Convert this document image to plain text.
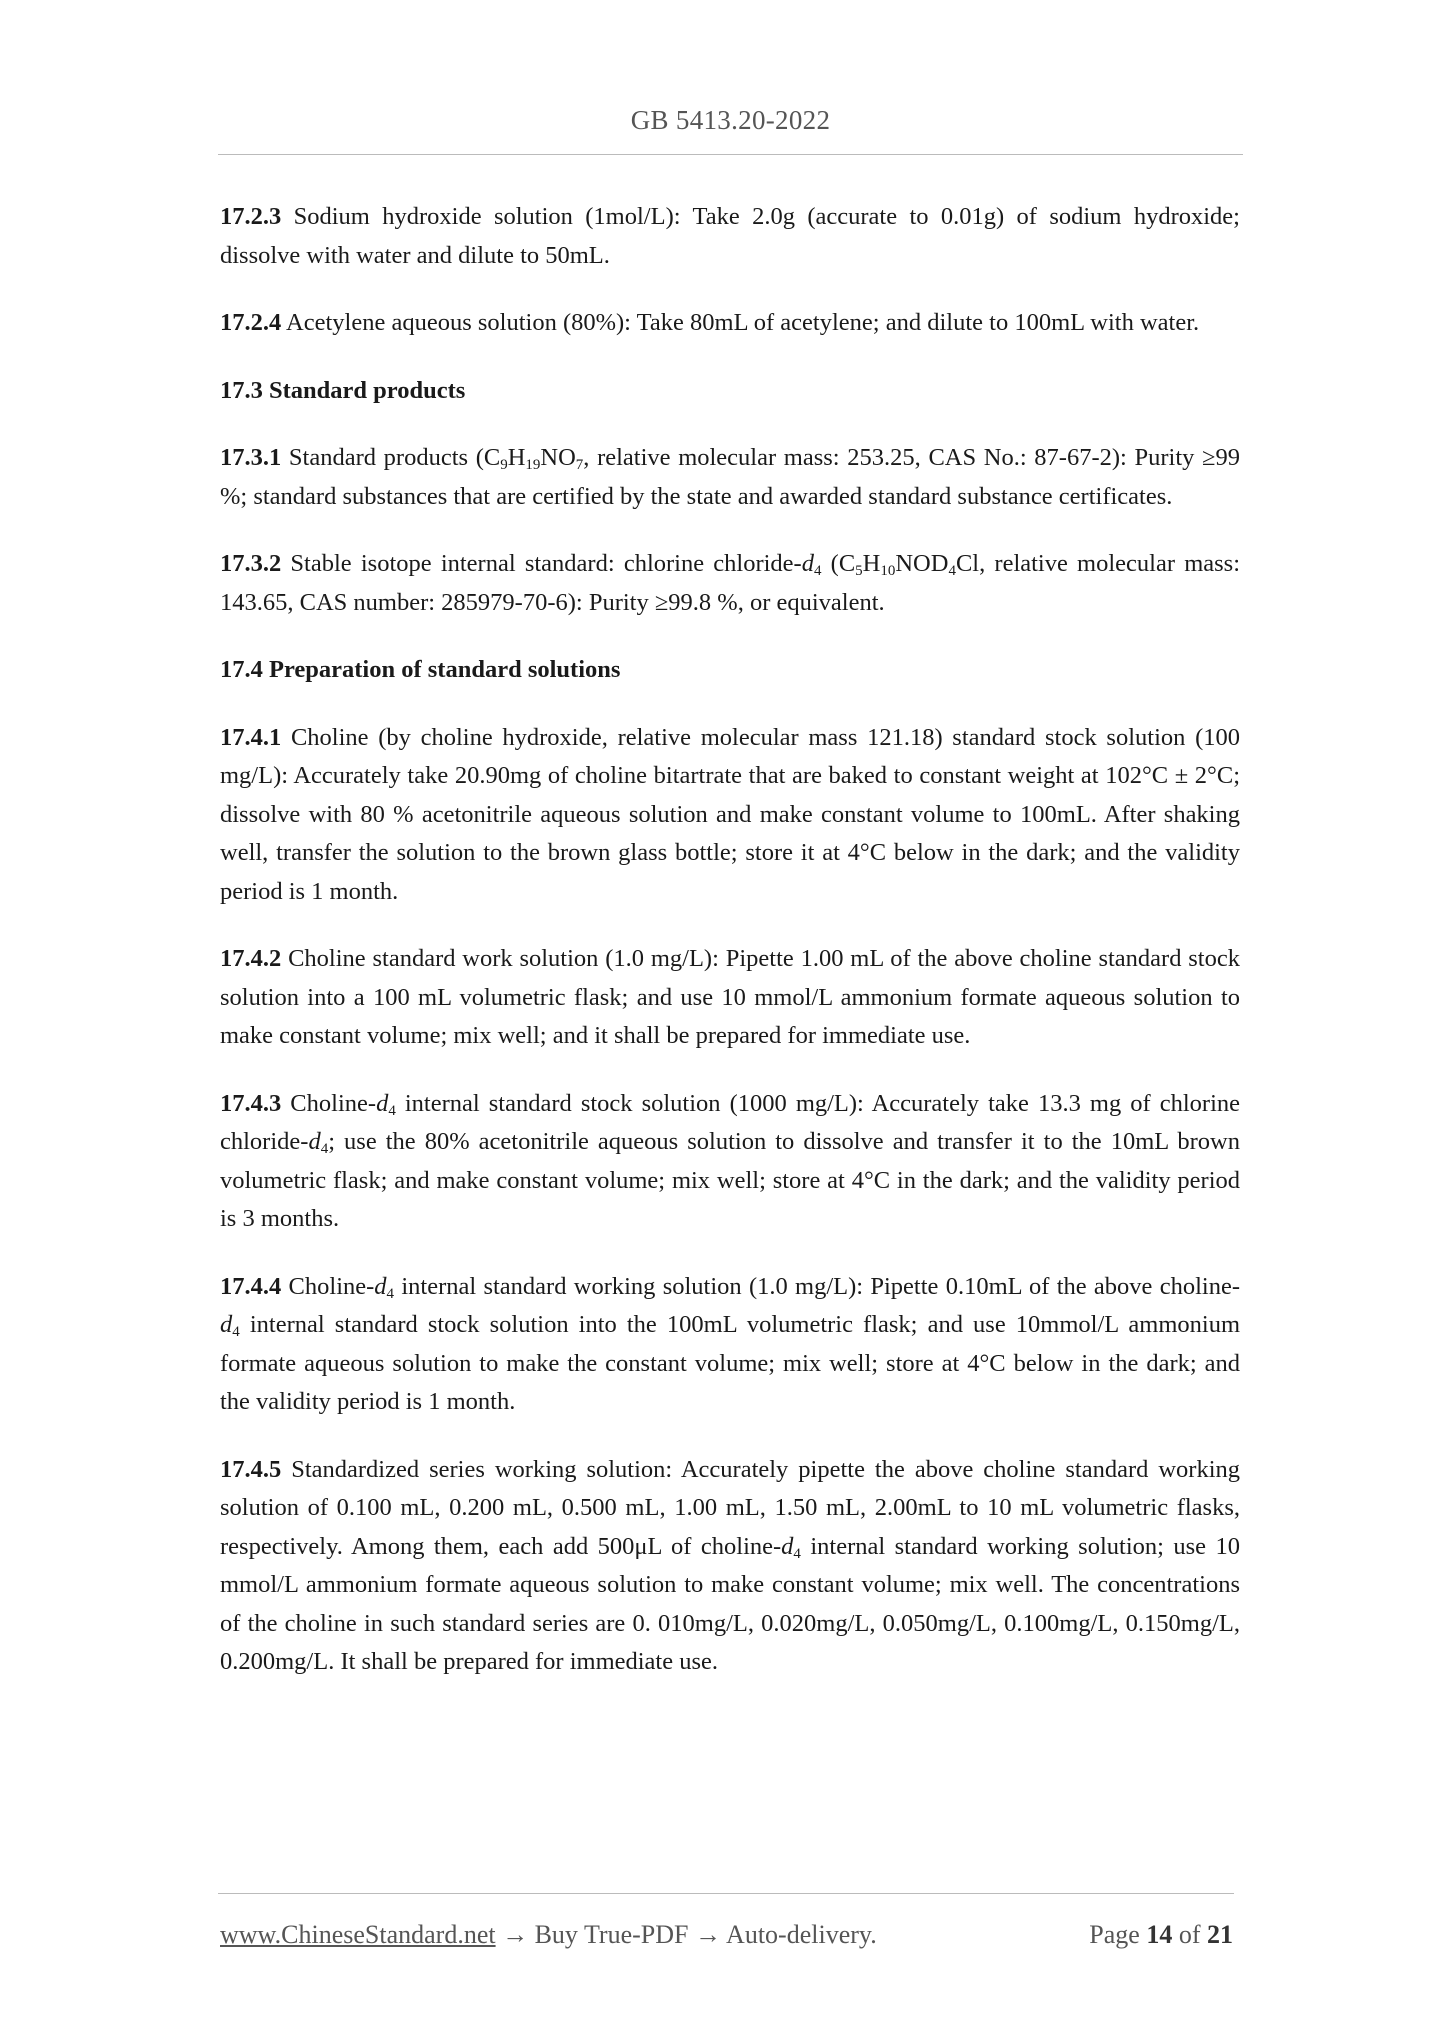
GB 5413.20-2022

17.2.3 Sodium hydroxide solution (1mol/L): Take 2.0g (accurate to 0.01g) of sodium hydroxide; dissolve with water and dilute to 50mL.

17.2.4 Acetylene aqueous solution (80%): Take 80mL of acetylene; and dilute to 100mL with water.

17.3 Standard products

17.3.1 Standard products ($C_9H_{19}NO_7$, relative molecular mass: 253.25, CAS No.: 87-67-2): Purity ≥99 %; standard substances that are certified by the state and awarded standard substance certificates.

17.3.2 Stable isotope internal standard: chlorine chloride-$d_4$ ($C_5H_{10}NOD_4Cl$, relative molecular mass: 143.65, CAS number: 285979-70-6): Purity ≥99.8 %, or equivalent.

17.4 Preparation of standard solutions

17.4.1 Choline (by choline hydroxide, relative molecular mass 121.18) standard stock solution (100 mg/L): Accurately take 20.90mg of choline bitartrate that are baked to constant weight at 102°C ± 2°C; dissolve with 80 % acetonitrile aqueous solution and make constant volume to 100mL. After shaking well, transfer the solution to the brown glass bottle; store it at 4°C below in the dark; and the validity period is 1 month.

17.4.2 Choline standard work solution (1.0 mg/L): Pipette 1.00 mL of the above choline standard stock solution into a 100 mL volumetric flask; and use 10 mmol/L ammonium formate aqueous solution to make constant volume; mix well; and it shall be prepared for immediate use.

17.4.3 Choline-$d_4$ internal standard stock solution (1000 mg/L): Accurately take 13.3 mg of chlorine chloride-$d_4$; use the 80% acetonitrile aqueous solution to dissolve and transfer it to the 10mL brown volumetric flask; and make constant volume; mix well; store at 4°C in the dark; and the validity period is 3 months.

17.4.4 Choline-$d_4$ internal standard working solution (1.0 mg/L): Pipette 0.10mL of the above choline-$d_4$ internal standard stock solution into the 100mL volumetric flask; and use 10mmol/L ammonium formate aqueous solution to make the constant volume; mix well; store at 4°C below in the dark; and the validity period is 1 month.

17.4.5 Standardized series working solution: Accurately pipette the above choline standard working solution of 0.100 mL, 0.200 mL, 0.500 mL, 1.00 mL, 1.50 mL, 2.00mL to 10 mL volumetric flasks, respectively. Among them, each add 500μL of choline-$d_4$ internal standard working solution; use 10 mmol/L ammonium formate aqueous solution to make constant volume; mix well. The concentrations of the choline in such standard series are 0. 010mg/L, 0.020mg/L, 0.050mg/L, 0.100mg/L, 0.150mg/L, 0.200mg/L. It shall be prepared for immediate use.

www.ChineseStandard.net → Buy True-PDF → Auto-delivery.	Page 14 of 21
